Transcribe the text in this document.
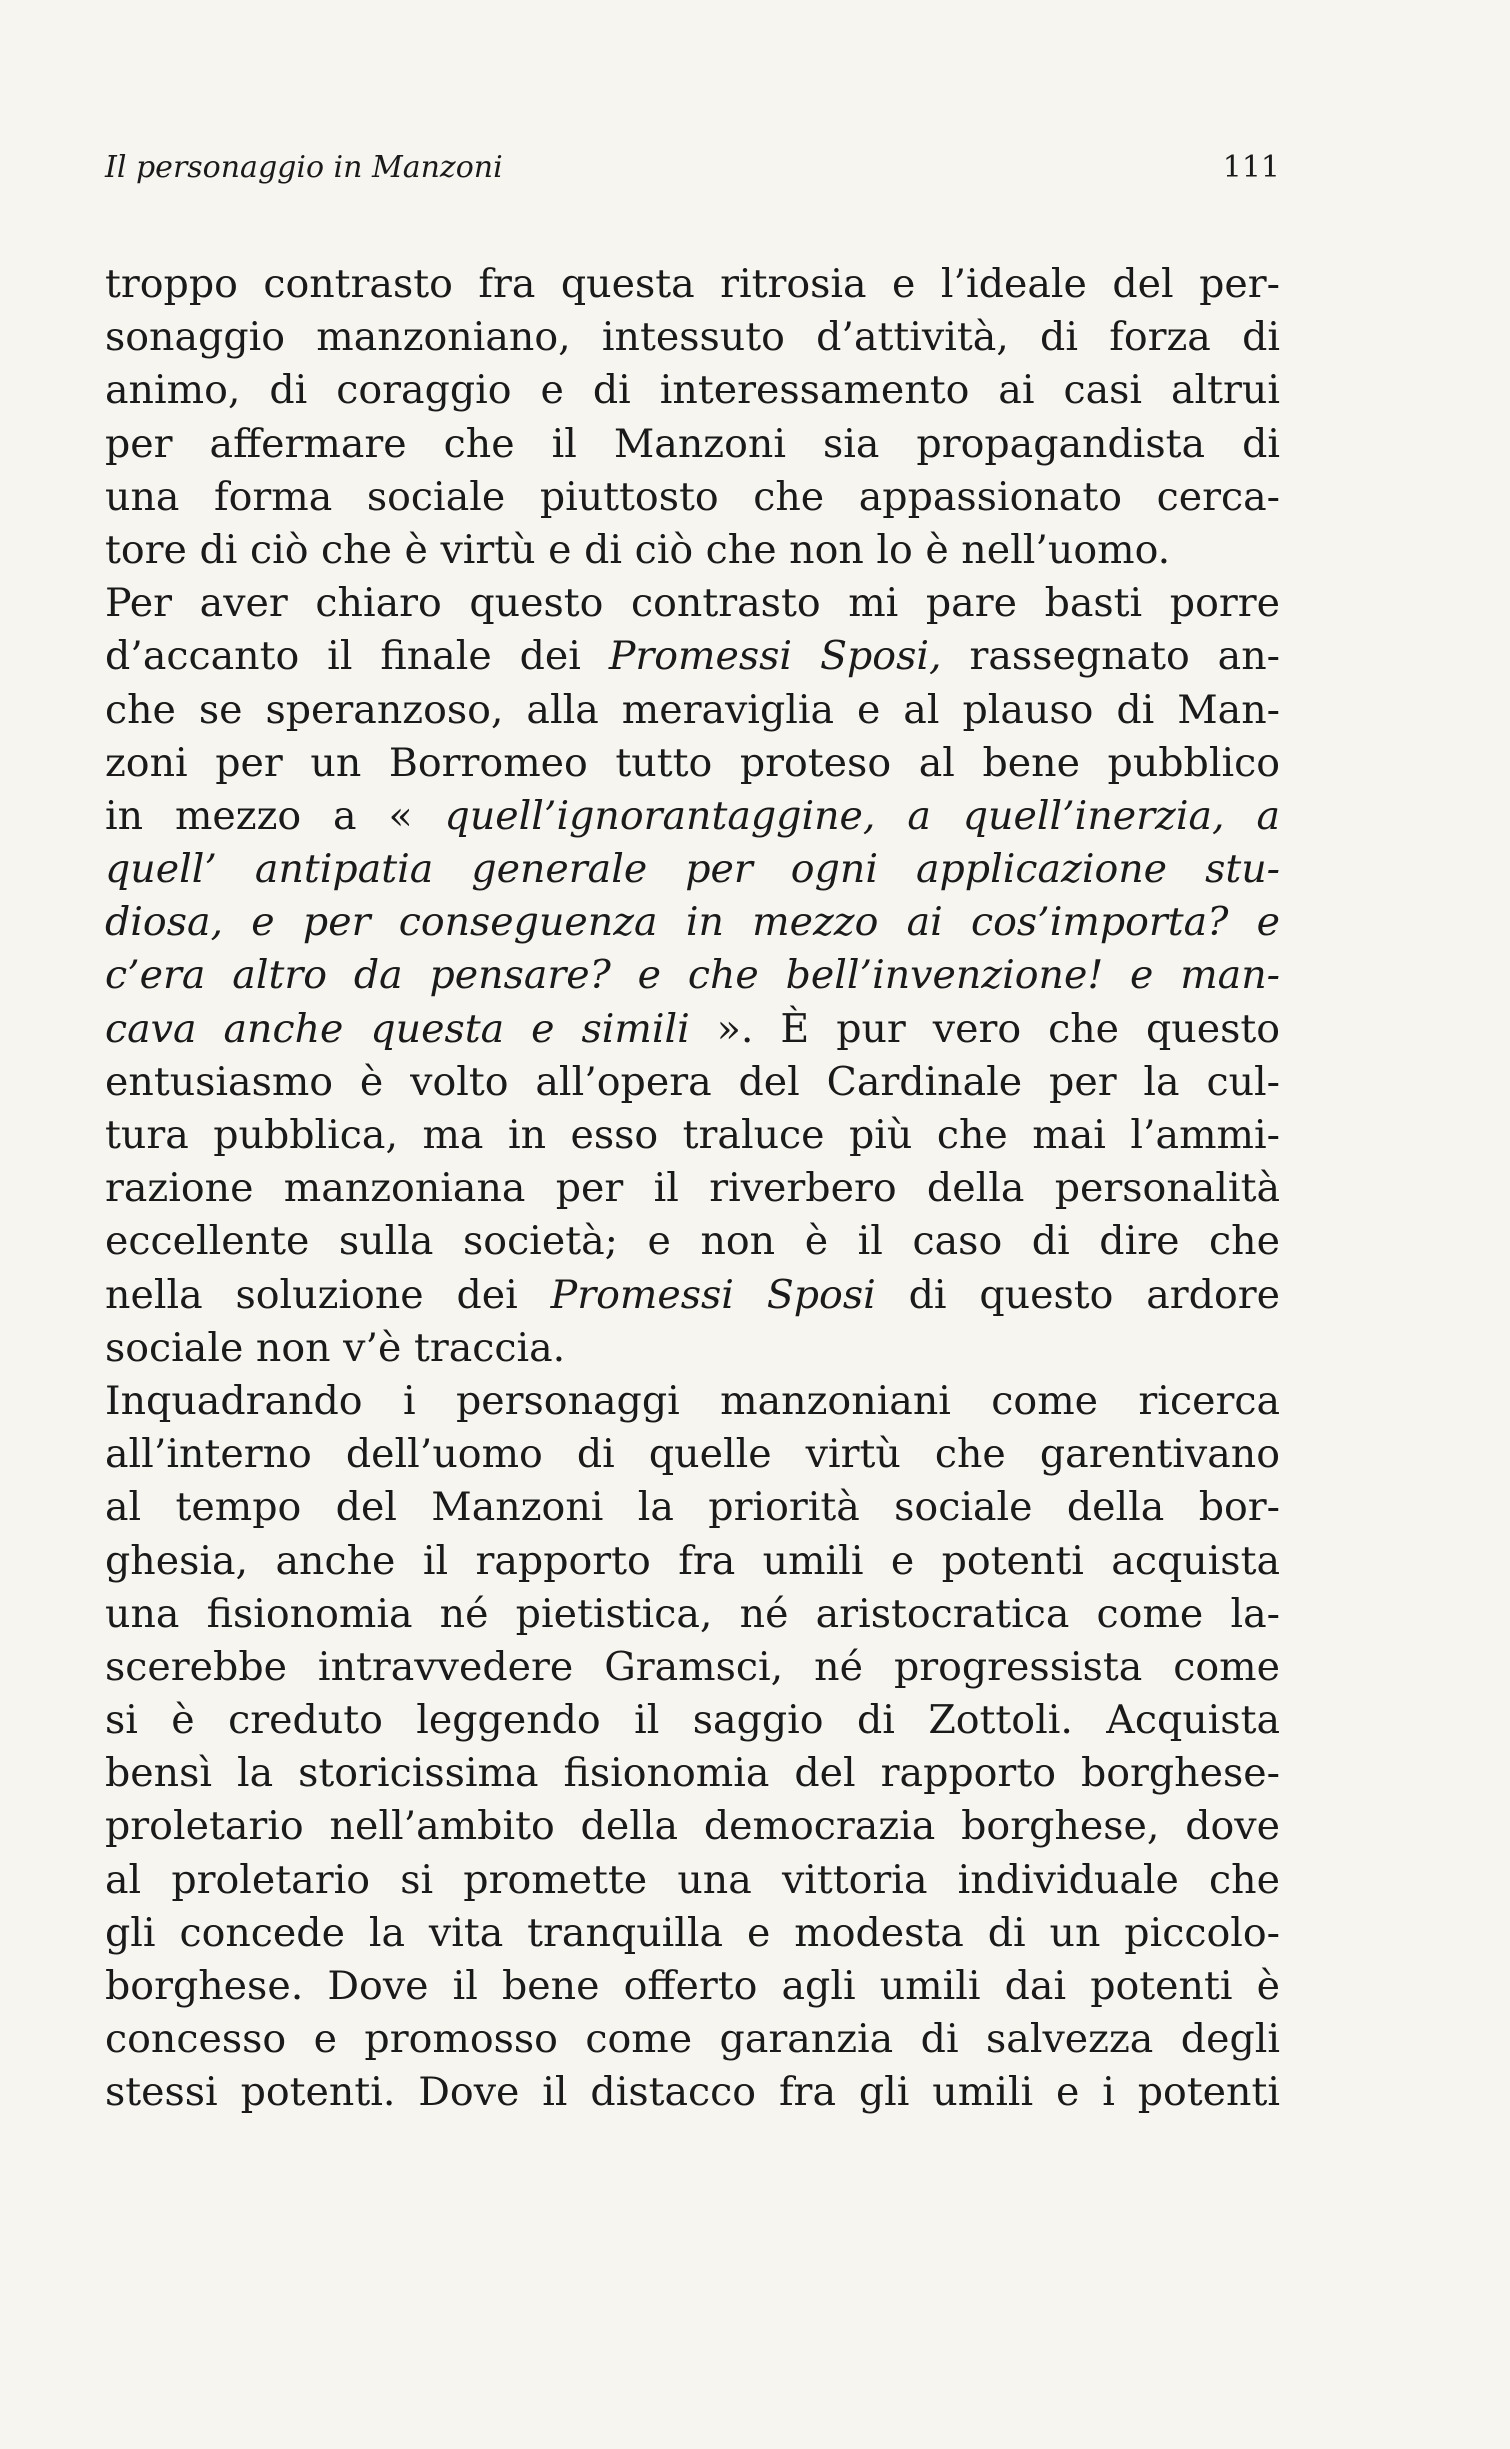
Il personaggio in Manzoni	111
troppo contrasto fra questa ritrosia e l’ideale del per-
sonaggio manzoniano, intessuto d’attività, di forza di
animo, di coraggio e di interessamento ai casi altrui
per affermare che il Manzoni sia propagandista di
una forma sociale piuttosto che appassionato cerca-
tore di ciò che è virtù e di ciò che non lo è nell’uomo.
Per aver chiaro questo contrasto mi pare basti porre
d’accanto il finale dei Promessi Sposi, rassegnato an-
che se speranzoso, alla meraviglia e al plauso di Man-
zoni per un Borromeo tutto proteso al bene pubblico
in mezzo a « quell’ignorantaggine, a quell’inerzia, a
quell’ antipatia generale per ogni applicazione stu-
diosa, e per conseguenza in mezzo ai cos’importa? e
c’era altro da pensare? e che bell’invenzione! e man-
cava anche questa e simili ». È pur vero che questo
entusiasmo è volto all’opera del Cardinale per la cul-
tura pubblica, ma in esso traluce più che mai l’ammi-
razione manzoniana per il riverbero della personalità
eccellente sulla società; e non è il caso di dire che
nella soluzione dei Promessi Sposi di questo ardore
sociale non v’è traccia.
Inquadrando i personaggi manzoniani come ricerca
all’interno dell’uomo di quelle virtù che garentivano
al tempo del Manzoni la priorità sociale della bor-
ghesia, anche il rapporto fra umili e potenti acquista
una fisionomia né pietistica, né aristocratica come la-
scerebbe intravvedere Gramsci, né progressista come
si è creduto leggendo il saggio di Zottoli. Acquista
bensì la storicissima fisionomia del rapporto borghese-
proletario nell’ambito della democrazia borghese, dove
al proletario si promette una vittoria individuale che
gli concede la vita tranquilla e modesta di un piccolo-
borghese. Dove il bene offerto agli umili dai potenti è
concesso e promosso come garanzia di salvezza degli
stessi potenti. Dove il distacco fra gli umili e i potenti
